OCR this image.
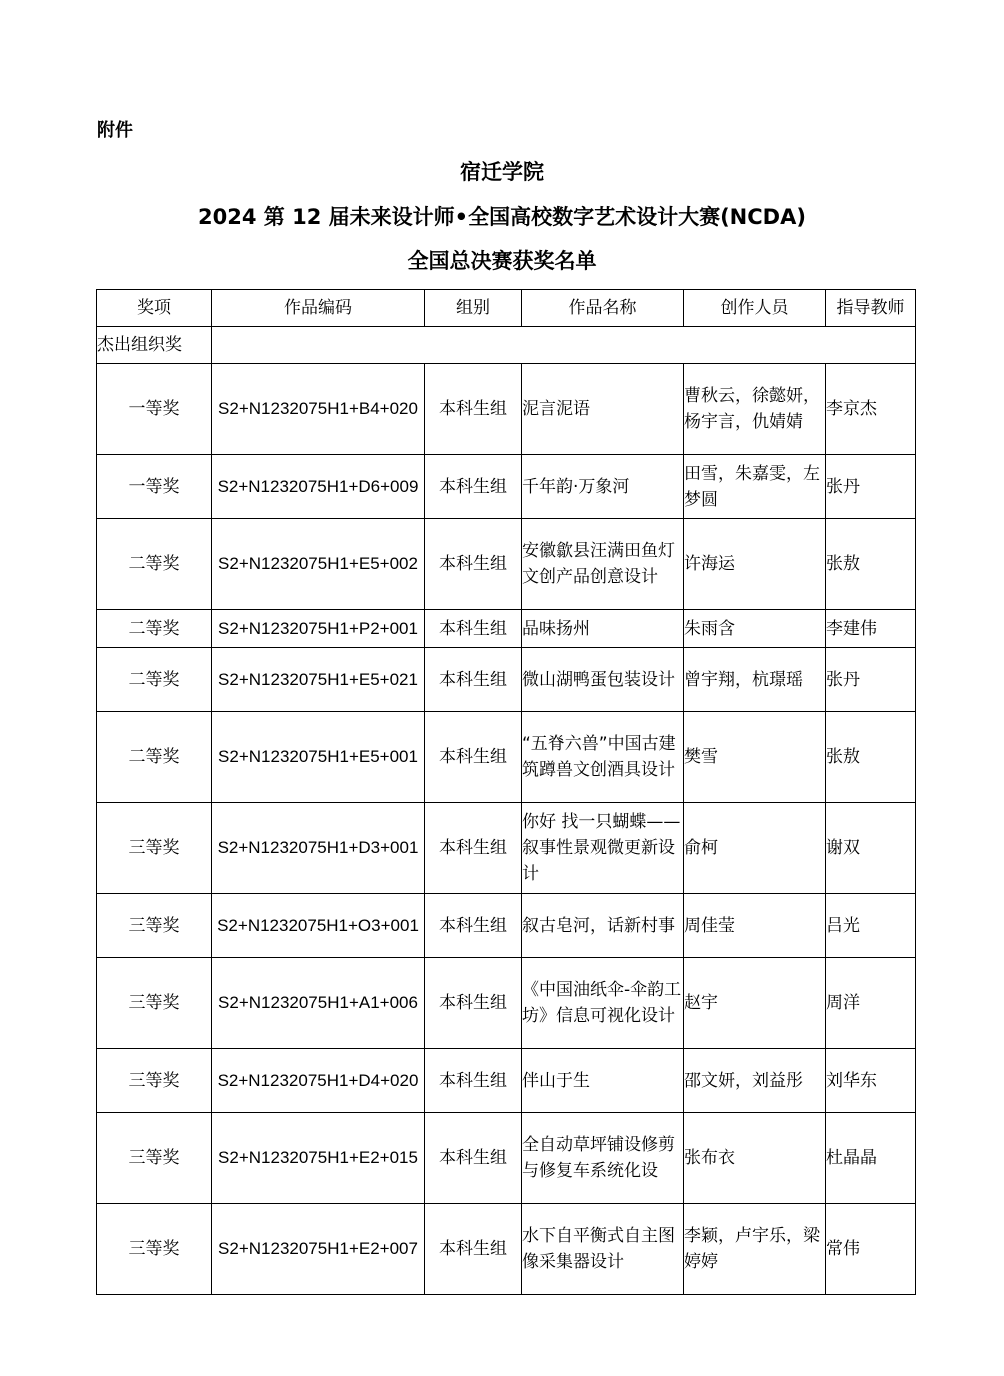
附件
宿迁学院
2024 第 12 届未来设计师•全国高校数字艺术设计大赛(NCDA)
全国总决赛获奖名单
奖项	作品编码	组别	作品名称	创作人员	指导教师
杰出组织奖					
一等奖	S2+N1232075H1+B4+020	本科生组	泥言泥语	曹秋云，徐懿妍，杨宇言，仇婧婧	李京杰
一等奖	S2+N1232075H1+D6+009	本科生组	千年韵·万象河	田雪，朱嘉雯，左梦圆	张丹
二等奖	S2+N1232075H1+E5+002	本科生组	安徽歙县汪满田鱼灯文创产品创意设计	许海运	张敖
二等奖	S2+N1232075H1+P2+001	本科生组	品味扬州	朱雨含	李建伟
二等奖	S2+N1232075H1+E5+021	本科生组	微山湖鸭蛋包装设计	曾宇翔，杭璟瑶	张丹
二等奖	S2+N1232075H1+E5+001	本科生组	“五脊六兽”中国古建筑蹲兽文创酒具设计	樊雪	张敖
三等奖	S2+N1232075H1+D3+001	本科生组	你好 找一只蝴蝶——叙事性景观微更新设计	俞柯	谢双
三等奖	S2+N1232075H1+O3+001	本科生组	叙古皂河，话新村事	周佳莹	吕光
三等奖	S2+N1232075H1+A1+006	本科生组	《中国油纸伞-伞韵工坊》信息可视化设计	赵宇	周洋
三等奖	S2+N1232075H1+D4+020	本科生组	伴山于生	邵文妍，刘益彤	刘华东
三等奖	S2+N1232075H1+E2+015	本科生组	全自动草坪铺设修剪与修复车系统化设	张布衣	杜晶晶
三等奖	S2+N1232075H1+E2+007	本科生组	水下自平衡式自主图像采集器设计	李颖，卢宇乐，梁婷婷	常伟
